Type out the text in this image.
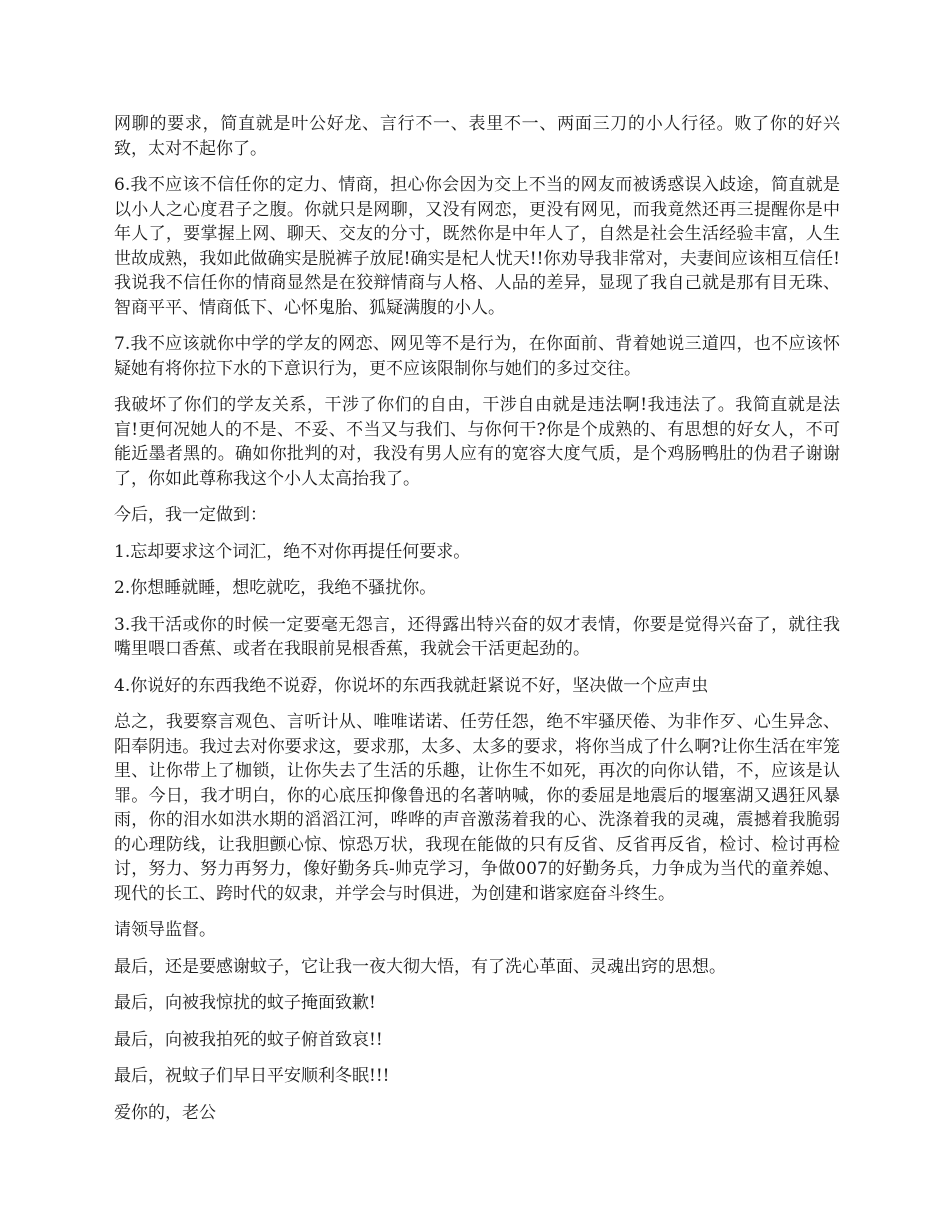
网聊的要求，简直就是叶公好龙、言行不一、表里不一、两面三刀的小人行径。败了你的好兴致，太对不起你了。

6.我不应该不信任你的定力、情商，担心你会因为交上不当的网友而被诱惑误入歧途，简直就是以小人之心度君子之腹。你就只是网聊，又没有网恋，更没有网见，而我竟然还再三提醒你是中年人了，要掌握上网、聊天、交友的分寸，既然你是中年人了，自然是社会生活经验丰富，人生世故成熟，我如此做确实是脱裤子放屁!确实是杞人忧天!!你劝导我非常对，夫妻间应该相互信任!我说我不信任你的情商显然是在狡辩情商与人格、人品的差异，显现了我自己就是那有目无珠、智商平平、情商低下、心怀鬼胎、狐疑满腹的小人。

7.我不应该就你中学的学友的网恋、网见等不是行为，在你面前、背着她说三道四，也不应该怀疑她有将你拉下水的下意识行为，更不应该限制你与她们的多过交往。

我破坏了你们的学友关系，干涉了你们的自由，干涉自由就是违法啊!我违法了。我简直就是法盲!更何况她人的不是、不妥、不当又与我们、与你何干?你是个成熟的、有思想的好女人，不可能近墨者黑的。确如你批判的对，我没有男人应有的宽容大度气质，是个鸡肠鸭肚的伪君子谢谢了，你如此尊称我这个小人太高抬我了。

今后，我一定做到：

1.忘却要求这个词汇，绝不对你再提任何要求。

2.你想睡就睡，想吃就吃，我绝不骚扰你。

3.我干活或你的时候一定要毫无怨言，还得露出特兴奋的奴才表情，你要是觉得兴奋了，就往我嘴里喂口香蕉、或者在我眼前晃根香蕉，我就会干活更起劲的。

4.你说好的东西我绝不说孬，你说坏的东西我就赶紧说不好，坚决做一个应声虫

总之，我要察言观色、言听计从、唯唯诺诺、任劳任怨，绝不牢骚厌倦、为非作歹、心生异念、阳奉阴违。我过去对你要求这，要求那，太多、太多的要求，将你当成了什么啊?让你生活在牢笼里、让你带上了枷锁，让你失去了生活的乐趣，让你生不如死，再次的向你认错，不，应该是认罪。今日，我才明白，你的心底压抑像鲁迅的名著呐喊，你的委屈是地震后的堰塞湖又遇狂风暴雨，你的泪水如洪水期的滔滔江河，哗哗的声音激荡着我的心、洗涤着我的灵魂，震撼着我脆弱的心理防线，让我胆颤心惊、惊恐万状，我现在能做的只有反省、反省再反省，检讨、检讨再检讨，努力、努力再努力，像好勤务兵-帅克学习，争做007的好勤务兵，力争成为当代的童养媳、现代的长工、跨时代的奴隶，并学会与时俱进，为创建和谐家庭奋斗终生。

请领导监督。

最后，还是要感谢蚊子，它让我一夜大彻大悟，有了洗心革面、灵魂出窍的思想。

最后，向被我惊扰的蚊子掩面致歉!

最后，向被我拍死的蚊子俯首致哀!!

最后，祝蚊子们早日平安顺利冬眠!!!

爱你的，老公
